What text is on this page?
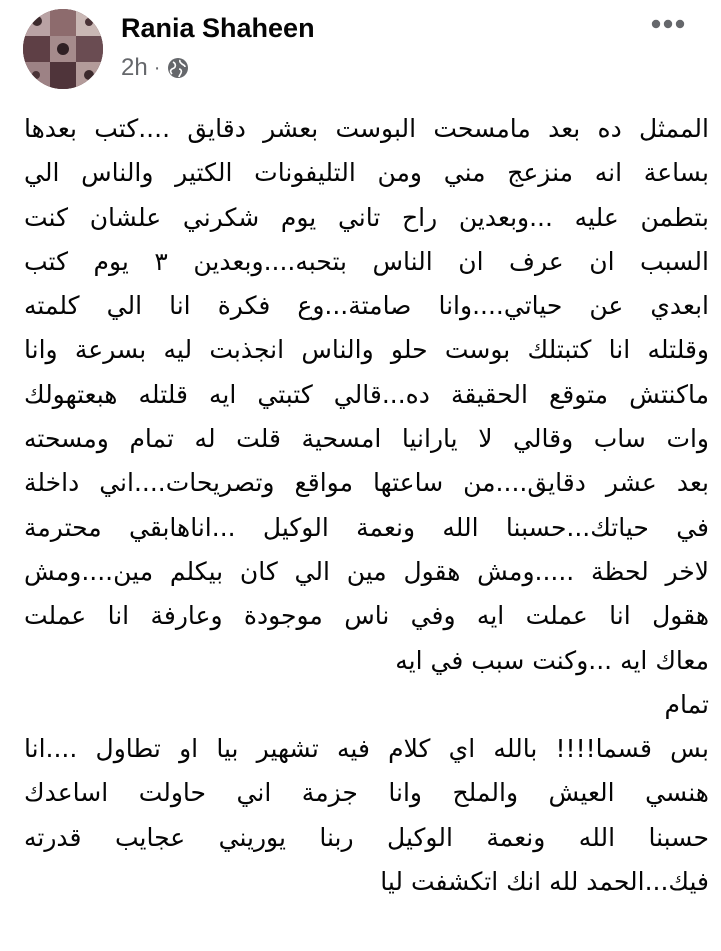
Rania Shaheen
2h ·
الممثل ده بعد مامسحت البوست بعشر دقايق ....كتب بعدها
بساعة انه منزعج مني ومن التليفونات الكتير والناس الي
بتطمن عليه ...وبعدين راح تاني يوم شكرني علشان كنت
السبب ان عرف ان الناس بتحبه....وبعدين ٣ يوم كتب
ابعدي عن حياتي....وانا صامتة...وع فكرة انا الي كلمته
وقلتله انا كتبتلك بوست حلو والناس انجذبت ليه بسرعة وانا
ماكنتش متوقع الحقيقة ده...قالي كتبتي ايه قلتله هبعتهولك
وات ساب وقالي لا يارانيا امسحية قلت له تمام ومسحته
بعد عشر دقايق....من ساعتها مواقع وتصريحات....اني داخلة
في حياتك...حسبنا الله ونعمة الوكيل ...اناهابقي محترمة
لاخر لحظة .....ومش هقول مين الي كان بيكلم مين....ومش
هقول انا عملت ايه وفي ناس موجودة وعارفة انا عملت
معاك ايه ...وكنت سبب في ايه
تمام
بس قسما!!!! بالله اي كلام فيه تشهير بيا او تطاول ....انا
هنسي العيش والملح وانا جزمة اني حاولت اساعدك
حسبنا الله ونعمة الوكيل ربنا يوريني عجايب قدرته
فيك...الحمد لله انك اتكشفت ليا
